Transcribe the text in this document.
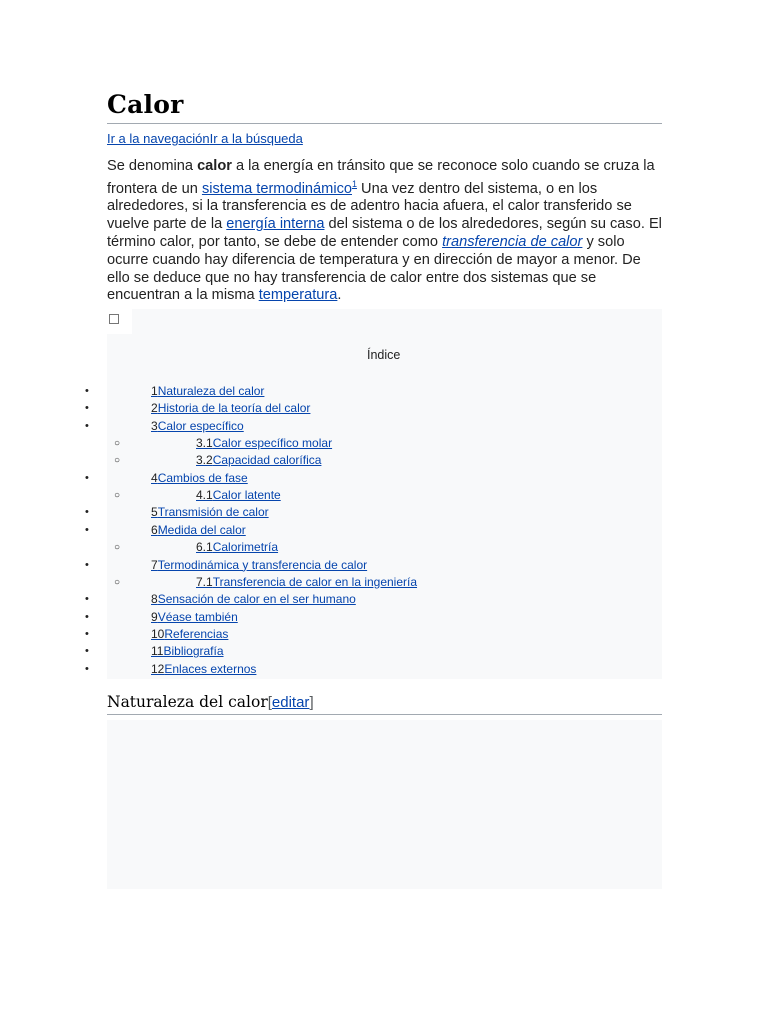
Calor
Ir a la navegaciónIr a la búsqueda

Se denomina calor a la energía en tránsito que se reconoce solo cuando se cruza la frontera de un sistema termodinámico$^1$ Una vez dentro del sistema, o en los alrededores, si la transferencia es de adentro hacia afuera, el calor transferido se vuelve parte de la energía interna del sistema o de los alrededores, según su caso. El término calor, por tanto, se debe de entender como transferencia de calor y solo ocurre cuando hay diferencia de temperatura y en dirección de mayor a menor. De ello se deduce que no hay transferencia de calor entre dos sistemas que se encuentran a la misma temperatura.

Índice
•	1Naturaleza del calor
•	2Historia de la teoría del calor
•	3Calor específico
○	3.1Calor específico molar
○	3.2Capacidad calorífica
•	4Cambios de fase
○	4.1Calor latente
•	5Transmisión de calor
•	6Medida del calor
○	6.1Calorimetría
•	7Termodinámica y transferencia de calor
○	7.1Transferencia de calor en la ingeniería
•	8Sensación de calor en el ser humano
•	9Véase también
•	10Referencias
•	11Bibliografía
•	12Enlaces externos
Naturaleza del calor[editar]
